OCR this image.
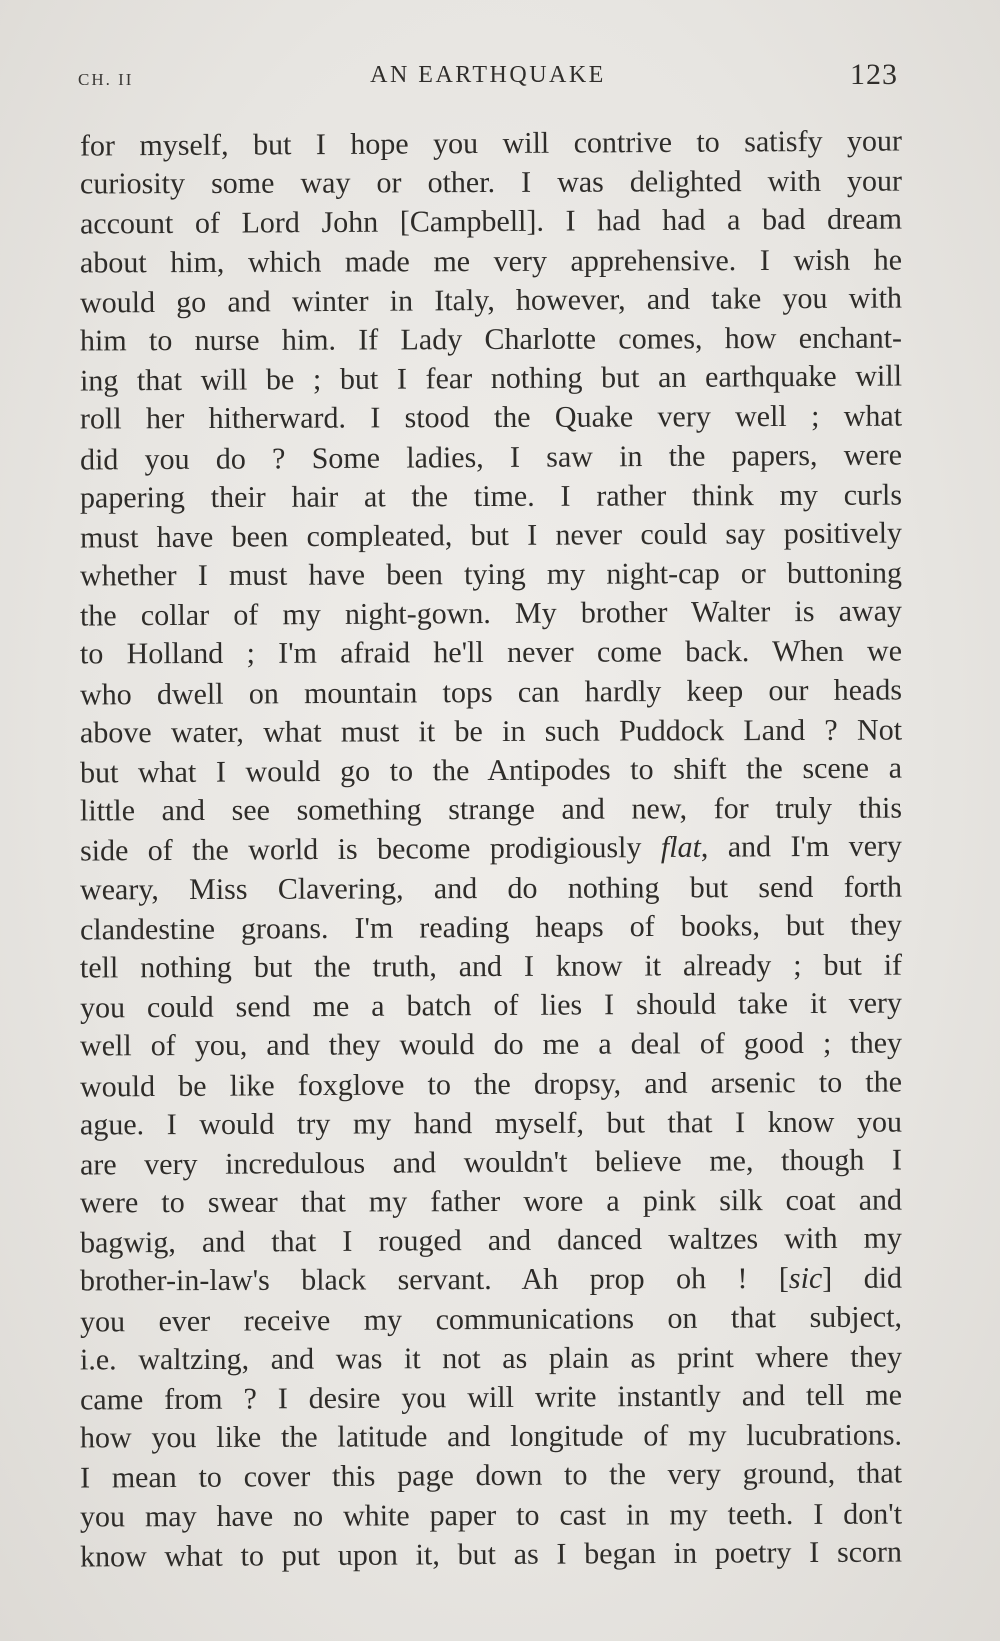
CH. II	AN EARTHQUAKE	123
for myself, but I hope you will contrive to satisfy your
curiosity some way or other. I was delighted with your
account of Lord John [Campbell]. I had had a bad dream
about him, which made me very apprehensive. I wish he
would go and winter in Italy, however, and take you with
him to nurse him. If Lady Charlotte comes, how enchant-
ing that will be ; but I fear nothing but an earthquake will
roll her hitherward. I stood the Quake very well ; what
did you do ? Some ladies, I saw in the papers, were
papering their hair at the time. I rather think my curls
must have been compleated, but I never could say positively
whether I must have been tying my night-cap or buttoning
the collar of my night-gown. My brother Walter is away
to Holland ; I'm afraid he'll never come back. When we
who dwell on mountain tops can hardly keep our heads
above water, what must it be in such Puddock Land ? Not
but what I would go to the Antipodes to shift the scene a
little and see something strange and new, for truly this
side of the world is become prodigiously flat, and I'm very
weary, Miss Clavering, and do nothing but send forth
clandestine groans. I'm reading heaps of books, but they
tell nothing but the truth, and I know it already ; but if
you could send me a batch of lies I should take it very
well of you, and they would do me a deal of good ; they
would be like foxglove to the dropsy, and arsenic to the
ague. I would try my hand myself, but that I know you
are very incredulous and wouldn't believe me, though I
were to swear that my father wore a pink silk coat and
bagwig, and that I rouged and danced waltzes with my
brother-in-law's black servant. Ah prop oh ! [sic] did
you ever receive my communications on that subject,
i.e. waltzing, and was it not as plain as print where they
came from ? I desire you will write instantly and tell me
how you like the latitude and longitude of my lucubrations.
I mean to cover this page down to the very ground, that
you may have no white paper to cast in my teeth. I don't
know what to put upon it, but as I began in poetry I scorn
